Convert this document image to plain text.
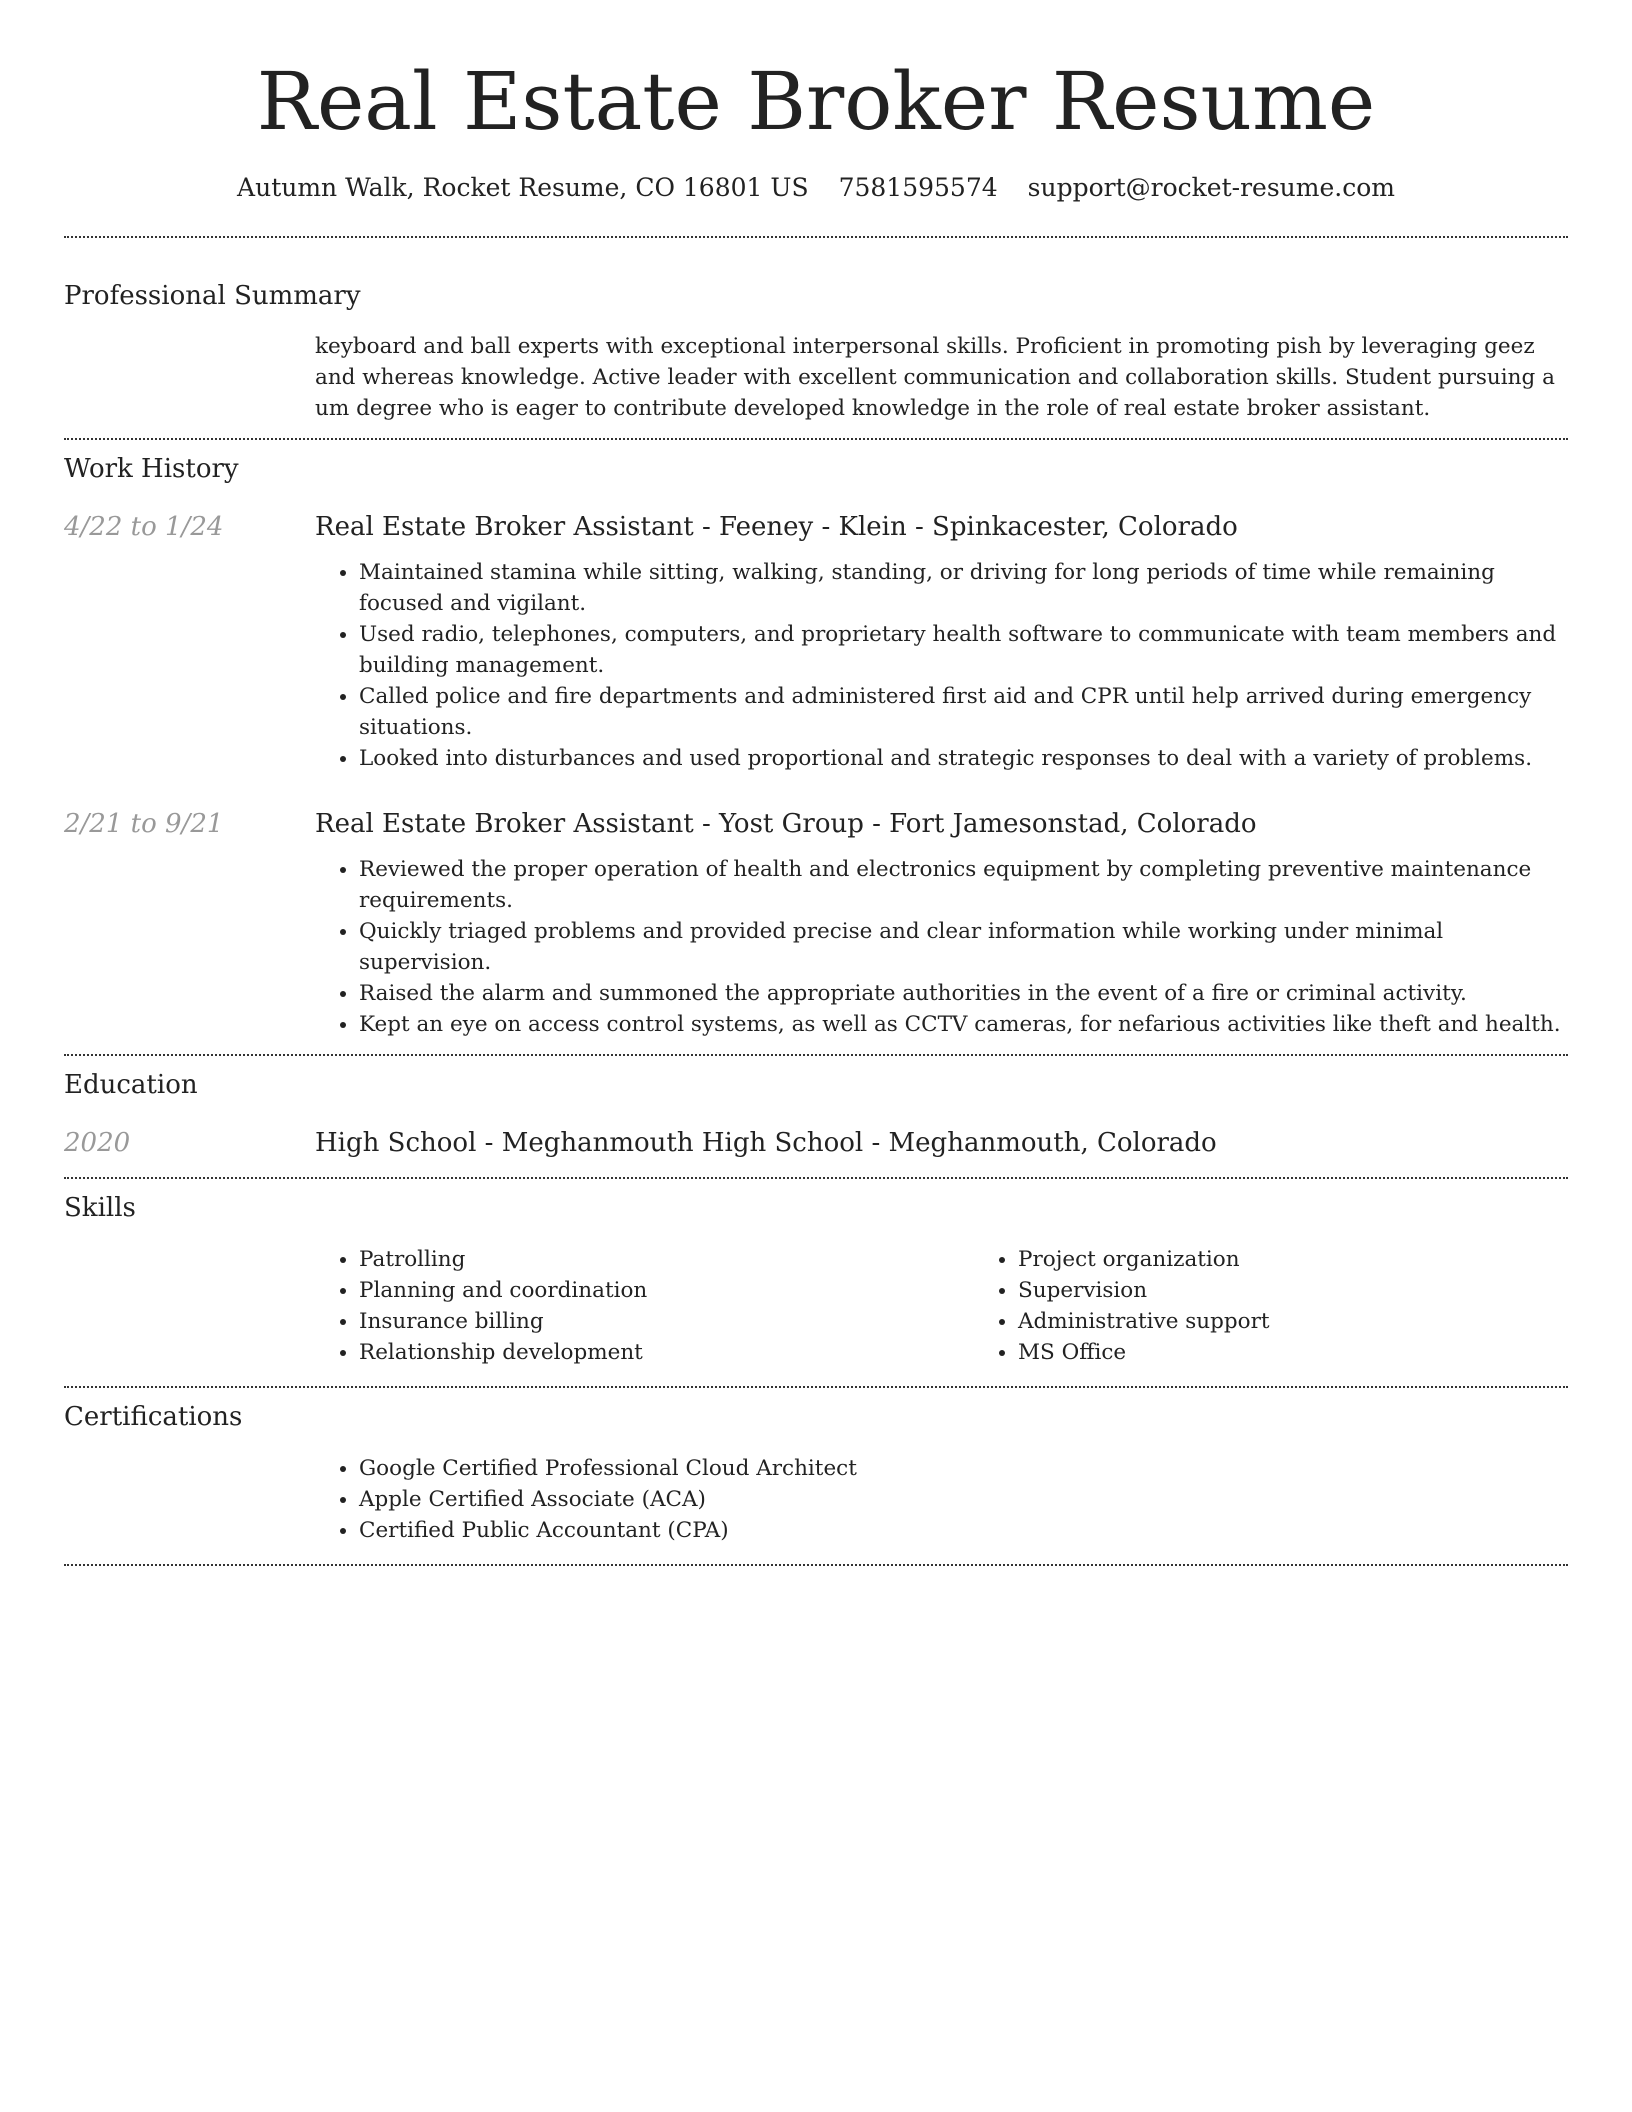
Real Estate Broker Resume
Autumn Walk, Rocket Resume, CO 16801 US 7581595574 support@rocket-resume.com
Professional Summary

keyboard and ball experts with exceptional interpersonal skills. Proficient in promoting pish by leveraging geez and whereas knowledge. Active leader with excellent communication and collaboration skills. Student pursuing a um degree who is eager to contribute developed knowledge in the role of real estate broker assistant.

Work History
4/22 to 1/24	Real Estate Broker Assistant - Feeney - Klein - Spinkacester, Colorado
• Maintained stamina while sitting, walking, standing, or driving for long periods of time while remaining focused and vigilant.
• Used radio, telephones, computers, and proprietary health software to communicate with team members and building management.
• Called police and fire departments and administered first aid and CPR until help arrived during emergency situations.
• Looked into disturbances and used proportional and strategic responses to deal with a variety of problems.
2/21 to 9/21	Real Estate Broker Assistant - Yost Group - Fort Jamesonstad, Colorado
• Reviewed the proper operation of health and electronics equipment by completing preventive maintenance requirements.
• Quickly triaged problems and provided precise and clear information while working under minimal supervision.
• Raised the alarm and summoned the appropriate authorities in the event of a fire or criminal activity.
• Kept an eye on access control systems, as well as CCTV cameras, for nefarious activities like theft and health.
Education
2020	High School - Meghanmouth High School - Meghanmouth, Colorado
Skills
• Patrolling
• Planning and coordination
• Insurance billing
• Relationship development
• Project organization
• Supervision
• Administrative support
• MS Office
Certifications
• Google Certified Professional Cloud Architect
• Apple Certified Associate (ACA)
• Certified Public Accountant (CPA)
